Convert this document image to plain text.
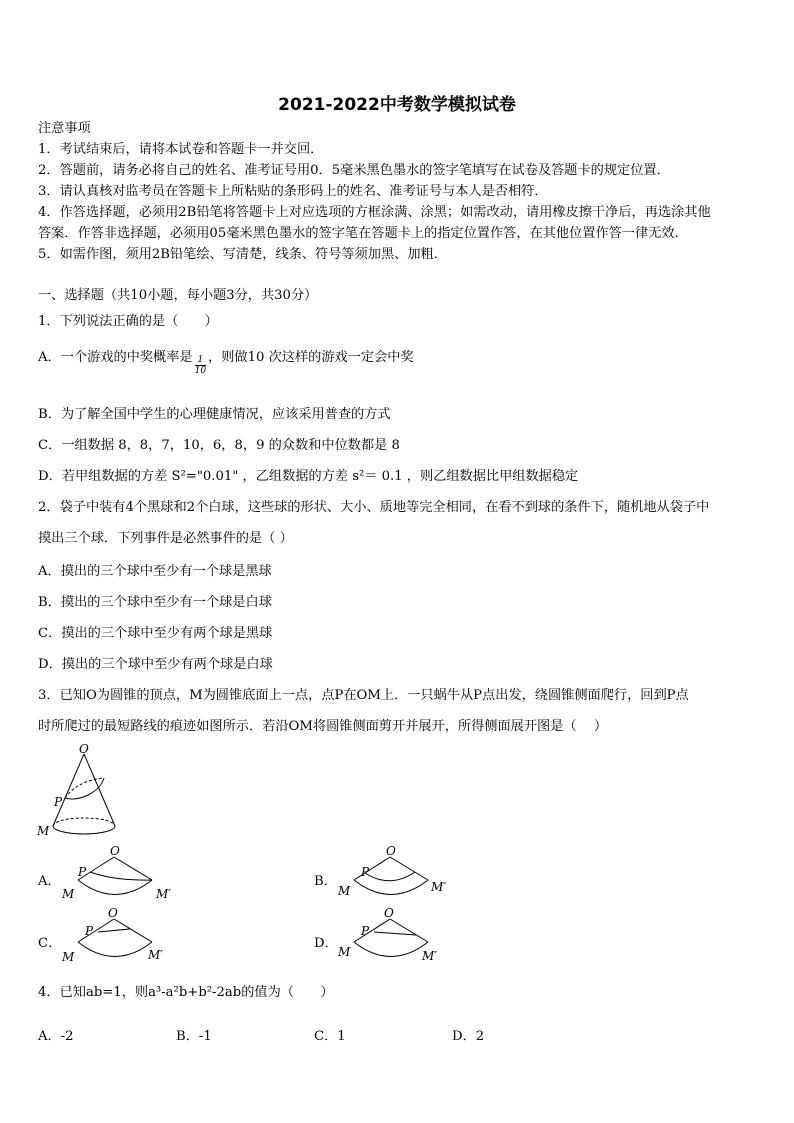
2021-2022中考数学模拟试卷
注意事项
1．考试结束后，请将本试卷和答题卡一并交回．
2．答题前，请务必将自己的姓名、准考证号用0．5毫米黑色墨水的签字笔填写在试卷及答题卡的规定位置．
3．请认真核对监考员在答题卡上所粘贴的条形码上的姓名、准考证号与本人是否相符．
4．作答选择题，必须用2B铅笔将答题卡上对应选项的方框涂满、涂黑；如需改动，请用橡皮擦干净后，再选涂其他
答案．作答非选择题，必须用05毫米黑色墨水的签字笔在答题卡上的指定位置作答，在其他位置作答一律无效．
5．如需作图，须用2B铅笔绘、写清楚，线条、符号等须加黑、加粗．
一、选择题（共10小题，每小题3分，共30分）
1．下列说法正确的是（　　）
A．一个游戏的中奖概率是 $\frac{1}{10}$ ，则做10 次这样的游戏一定会中奖
B．为了解全国中学生的心理健康情况，应该采用普查的方式
C．一组数据 8，8，7，10，6，8，9 的众数和中位数都是 8
D．若甲组数据的方差 S²="0.01" ，乙组数据的方差 s²＝ 0.1 ，则乙组数据比甲组数据稳定
2．袋子中装有4个黑球和2个白球，这些球的形状、大小、质地等完全相同，在看不到球的条件下，随机地从袋子中
摸出三个球．下列事件是必然事件的是（ ）
A．摸出的三个球中至少有一个球是黑球
B．摸出的三个球中至少有一个球是白球
C．摸出的三个球中至少有两个球是黑球
D．摸出的三个球中至少有两个球是白球
3．已知O为圆锥的顶点，M为圆锥底面上一点，点P在OM上．一只蜗牛从P点出发，绕圆锥侧面爬行，回到P点
时所爬过的最短路线的痕迹如图所示．若沿OM将圆锥侧面剪开并展开，所得侧面展开图是（　 ）
O
P
M
A．
O
P
M	M′
B．
O
P
M	M′
C．
O
P
M	M′
D．
O
P
M	M′
4．已知ab=1，则a³-a²b+b²-2ab的值为（　　）
A．-2	B．-1	C．1	D．2
